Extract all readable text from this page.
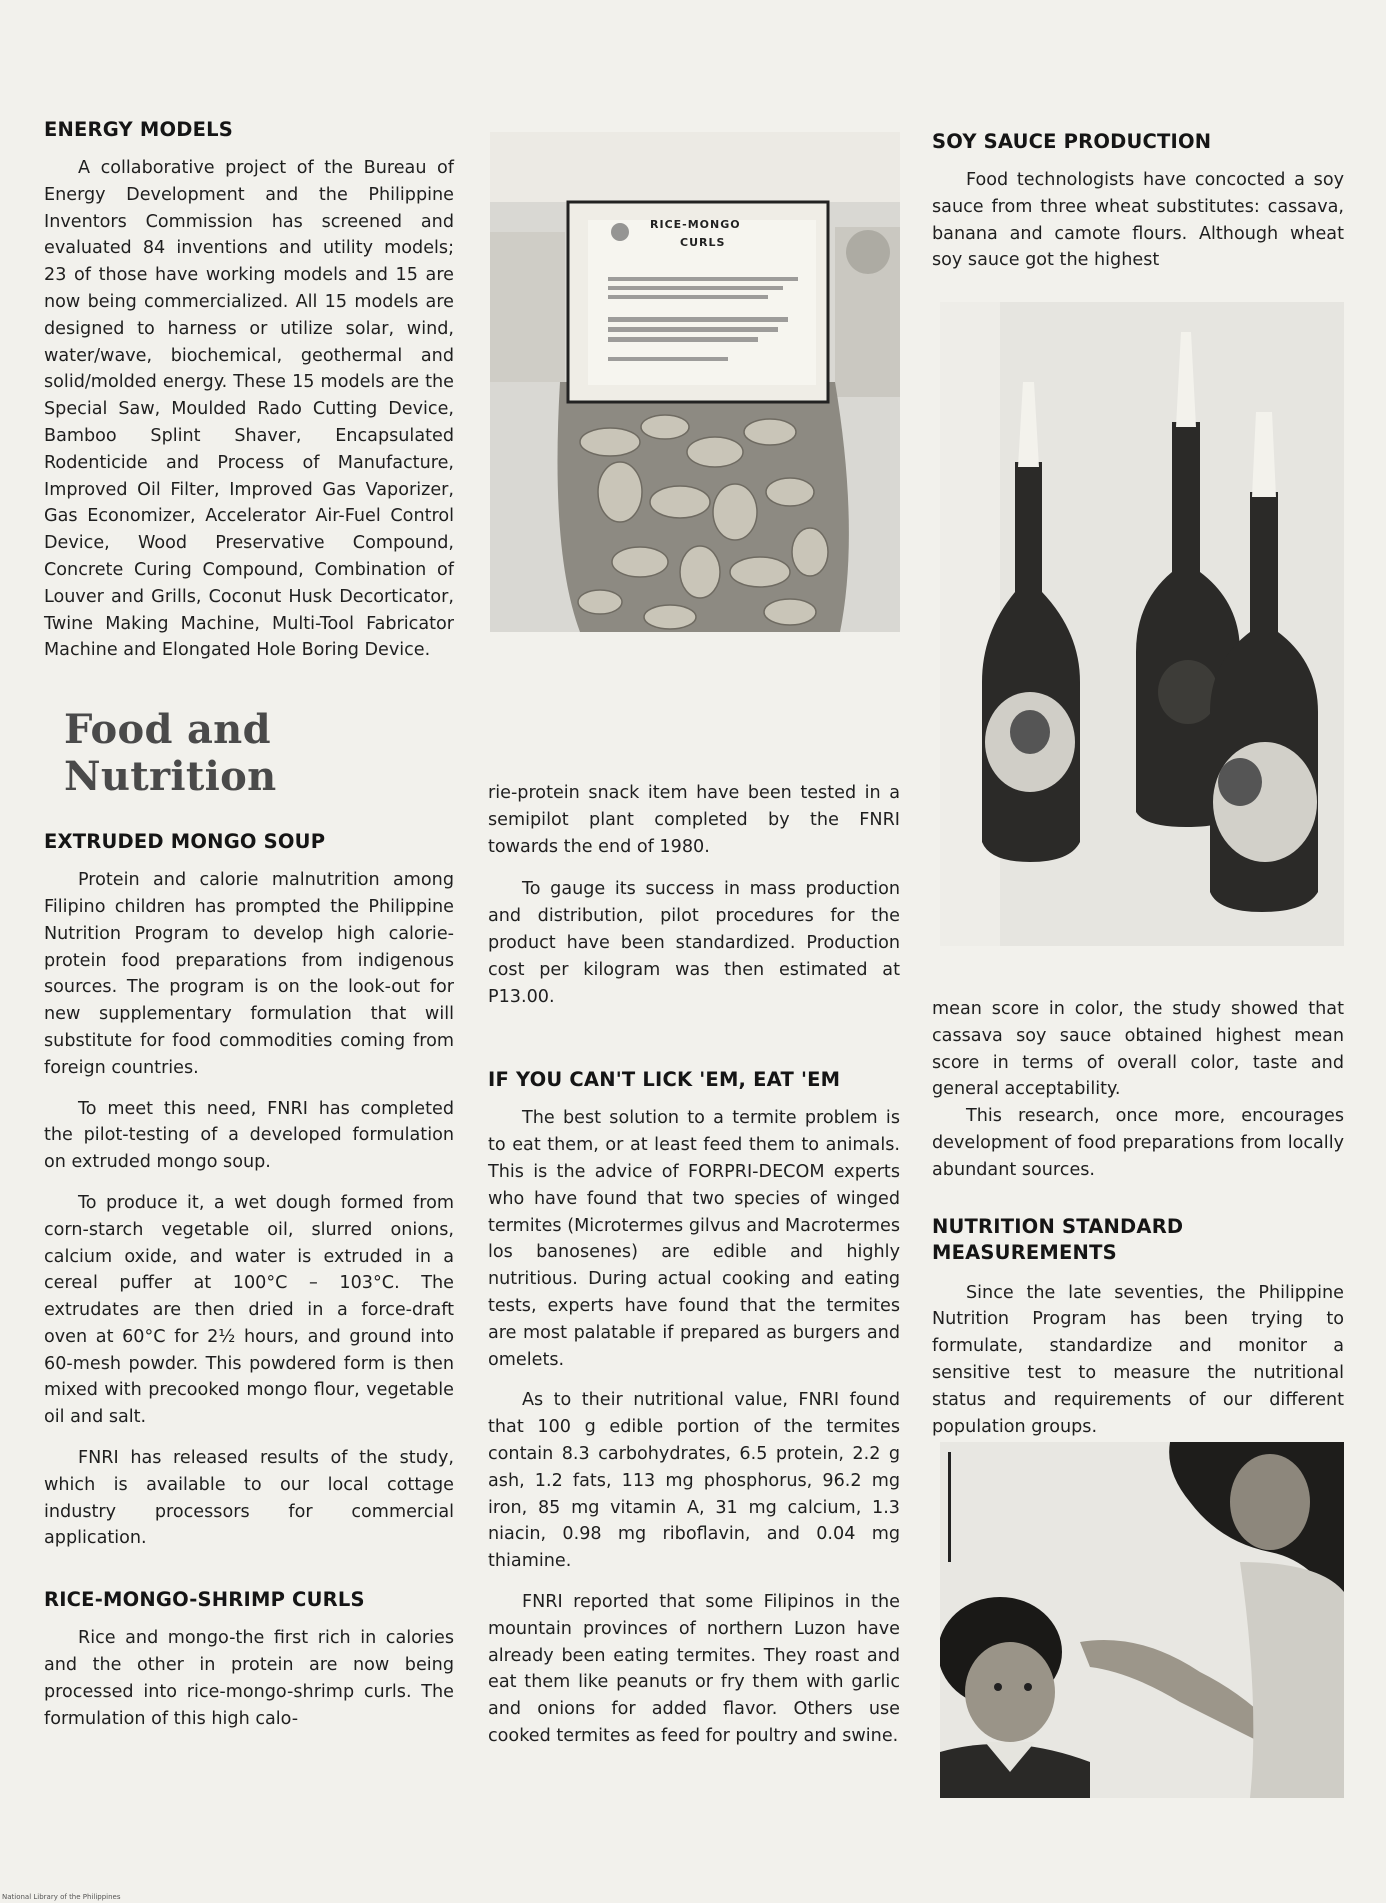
ENERGY MODELS

A collaborative project of the Bureau of Energy Development and the Philippine Inventors Commission has screened and evaluated 84 inventions and utility models; 23 of those have working models and 15 are now being commercialized. All 15 models are designed to harness or utilize solar, wind, water/wave, biochemical, geothermal and solid/molded energy. These 15 models are the Special Saw, Moulded Rado Cutting Device, Bamboo Splint Shaver, Encapsulated Rodenticide and Process of Manufacture, Improved Oil Filter, Improved Gas Vaporizer, Gas Economizer, Accelerator Air-Fuel Control Device, Wood Preservative Compound, Concrete Curing Compound, Combination of Louver and Grills, Coconut Husk Decorticator, Twine Making Machine, Multi-Tool Fabricator Machine and Elongated Hole Boring Device.

Food and Nutrition
EXTRUDED MONGO SOUP

Protein and calorie malnutrition among Filipino children has prompted the Philippine Nutrition Program to develop high calorie-protein food preparations from indigenous sources. The program is on the look-out for new supplementary formulation that will substitute for food commodities coming from foreign countries.

To meet this need, FNRI has completed the pilot-testing of a developed formulation on extruded mongo soup.

To produce it, a wet dough formed from corn-starch vegetable oil, slurred onions, calcium oxide, and water is extruded in a cereal puffer at 100°C – 103°C. The extrudates are then dried in a force-draft oven at 60°C for 2½ hours, and ground into 60-mesh powder. This powdered form is then mixed with precooked mongo flour, vegetable oil and salt.

FNRI has released results of the study, which is available to our local cottage industry processors for commercial application.

RICE-MONGO-SHRIMP CURLS

Rice and mongo-the first rich in calories and the other in protein are now being processed into rice-mongo-shrimp curls. The formulation of this high calo-

RICE-MONGO
CURLS

rie-protein snack item have been tested in a semipilot plant completed by the FNRI towards the end of 1980.

To gauge its success in mass production and distribution, pilot procedures for the product have been standardized. Production cost per kilogram was then estimated at P13.00.

IF YOU CAN'T LICK 'EM, EAT 'EM

The best solution to a termite problem is to eat them, or at least feed them to animals. This is the advice of FORPRI-DECOM experts who have found that two species of winged termites (Microtermes gilvus and Macrotermes los banosenes) are edible and highly nutritious. During actual cooking and eating tests, experts have found that the termites are most palatable if prepared as burgers and omelets.

As to their nutritional value, FNRI found that 100 g edible portion of the termites contain 8.3 carbohydrates, 6.5 protein, 2.2 g ash, 1.2 fats, 113 mg phosphorus, 96.2 mg iron, 85 mg vitamin A, 31 mg calcium, 1.3 niacin, 0.98 mg riboflavin, and 0.04 mg thiamine.

FNRI reported that some Filipinos in the mountain provinces of northern Luzon have already been eating termites. They roast and eat them like peanuts or fry them with garlic and onions for added flavor. Others use cooked termites as feed for poultry and swine.

SOY SAUCE PRODUCTION

Food technologists have concocted a soy sauce from three wheat substitutes: cassava, banana and camote flours. Although wheat soy sauce got the highest

mean score in color, the study showed that cassava soy sauce obtained highest mean score in terms of overall color, taste and general acceptability.

This research, once more, encourages development of food preparations from locally abundant sources.

NUTRITION STANDARD MEASUREMENTS

Since the late seventies, the Philippine Nutrition Program has been trying to formulate, standardize and monitor a sensitive test to measure the nutritional status and requirements of our different population groups.

National Library of the Philippines
